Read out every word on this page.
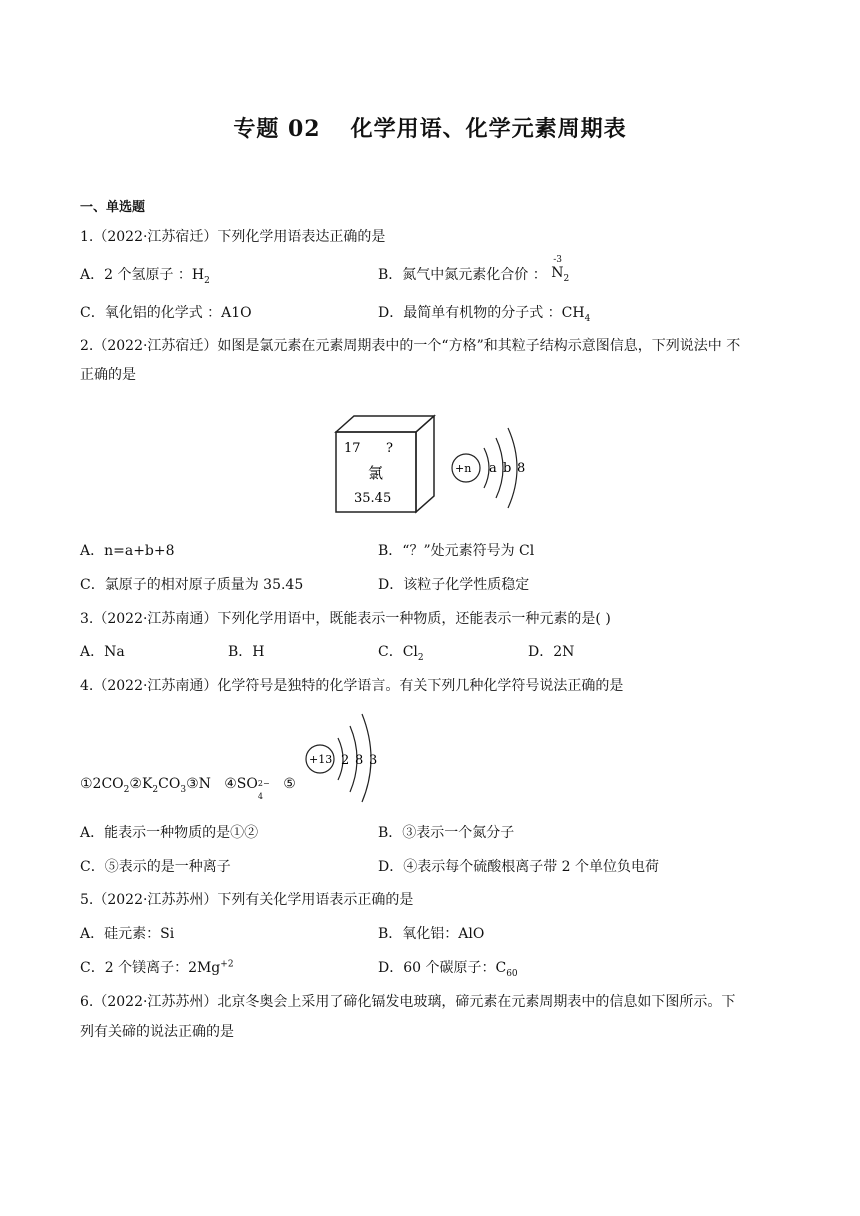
专题 02 化学用语、化学元素周期表
一、单选题
1.（2022·江苏宿迁）下列化学用语表达正确的是
A．2 个氢原子 ：$H_2$	B．氮气中氮元素化合价 ：
-3
$N_2$
C．氧化铝的化学式 ：A1O	D．最简单有机物的分子式 ：$CH_4$
2.（2022·江苏宿迁）如图是氯元素在元素周期表中的一个“方格”和其粒子结构示意图信息，下列说法中 不
正确的是
17 ?
氯
35.45
+n a b 8
A．n=a+b+8	B．“？”处元素符号为 Cl
C．氯原子的相对原子质量为 35.45	D．该粒子化学性质稳定
3.（2022·江苏南通）下列化学用语中，既能表示一种物质，还能表示一种元素的是( )
A．Na	B．H	C．$Cl_2$	D．2N
4.（2022·江苏南通）化学符号是独特的化学语言。有关下列几种化学符号说法正确的是
$①2CO_2②K_2CO_3③N$ ④SO 2−
4
⑤
+13 2 8 3
A．能表示一种物质的是①②	B．③表示一个氮分子
C．⑤表示的是一种离子	D．④表示每个硫酸根离子带 2 个单位负电荷
5.（2022·江苏苏州）下列有关化学用语表示正确的是
A．硅元素：Si	B．氧化铝：AlO
C．2 个镁离子：$2Mg^{+2}$	D．60 个碳原子：$C_{60}$
6.（2022·江苏苏州）北京冬奥会上采用了碲化镉发电玻璃，碲元素在元素周期表中的信息如下图所示。下
列有关碲的说法正确的是
